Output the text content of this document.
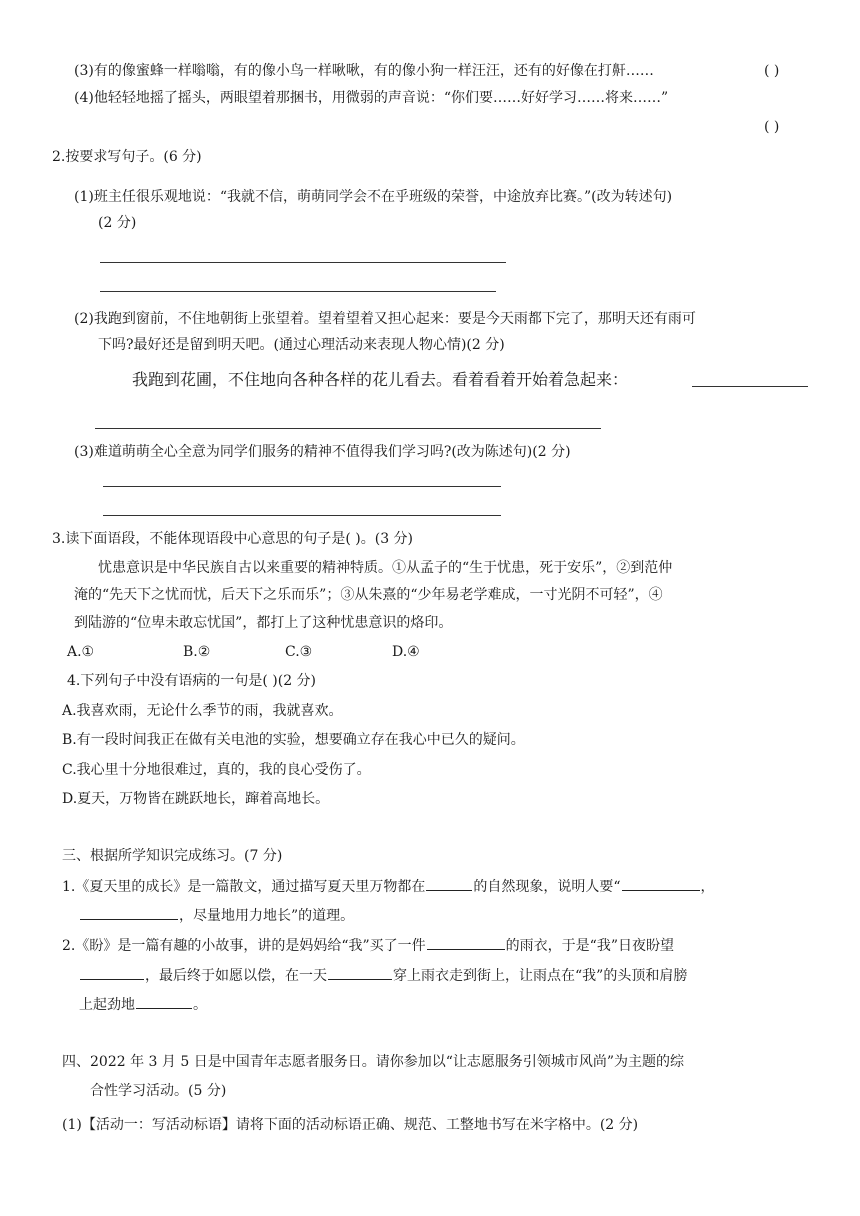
(3)有的像蜜蜂一样嗡嗡，有的像小鸟一样啾啾，有的像小狗一样汪汪，还有的好像在打鼾……	( )
(4)他轻轻地摇了摇头，两眼望着那捆书，用微弱的声音说：“你们要……好好学习……将来……”
( )
2.按要求写句子。(6 分)
(1)班主任很乐观地说：“我就不信，萌萌同学会不在乎班级的荣誉，中途放弃比赛。”(改为转述句)
(2 分)
(2)我跑到窗前，不住地朝街上张望着。望着望着又担心起来：要是今天雨都下完了，那明天还有雨可
下吗?最好还是留到明天吧。(通过心理活动来表现人物心情)(2 分)
我跑到花圃，不住地向各种各样的花儿看去。看着看着开始着急起来：
(3)难道萌萌全心全意为同学们服务的精神不值得我们学习吗?(改为陈述句)(2 分)
3.读下面语段，不能体现语段中心意思的句子是( )。(3 分)
忧患意识是中华民族自古以来重要的精神特质。①从孟子的“生于忧患，死于安乐”，②到范仲
淹的“先天下之忧而忧，后天下之乐而乐”；③从朱熹的“少年易老学难成，一寸光阴不可轻”，④
到陆游的“位卑未敢忘忧国”，都打上了这种忧患意识的烙印。
A.①	B.②	C.③	D.④
4.下列句子中没有语病的一句是( )(2 分)
A.我喜欢雨，无论什么季节的雨，我就喜欢。
B.有一段时间我正在做有关电池的实验，想要确立存在我心中已久的疑问。
C.我心里十分地很难过，真的，我的良心受伤了。
D.夏天，万物皆在跳跃地长，蹿着高地长。
三、根据所学知识完成练习。(7 分)
1.《夏天里的成长》是一篇散文，通过描写夏天里万物都在	的自然现象，说明人要“	，
，尽量地用力地长”的道理。
2.《盼》是一篇有趣的小故事，讲的是妈妈给“我”买了一件	的雨衣，于是“我”日夜盼望
，最后终于如愿以偿，在一天	穿上雨衣走到街上，让雨点在“我”的头顶和肩膀
上起劲地	。
四、2022 年 3 月 5 日是中国青年志愿者服务日。请你参加以“让志愿服务引领城市风尚”为主题的综
合性学习活动。(5 分)
(1)【活动一：写活动标语】请将下面的活动标语正确、规范、工整地书写在米字格中。(2 分)
